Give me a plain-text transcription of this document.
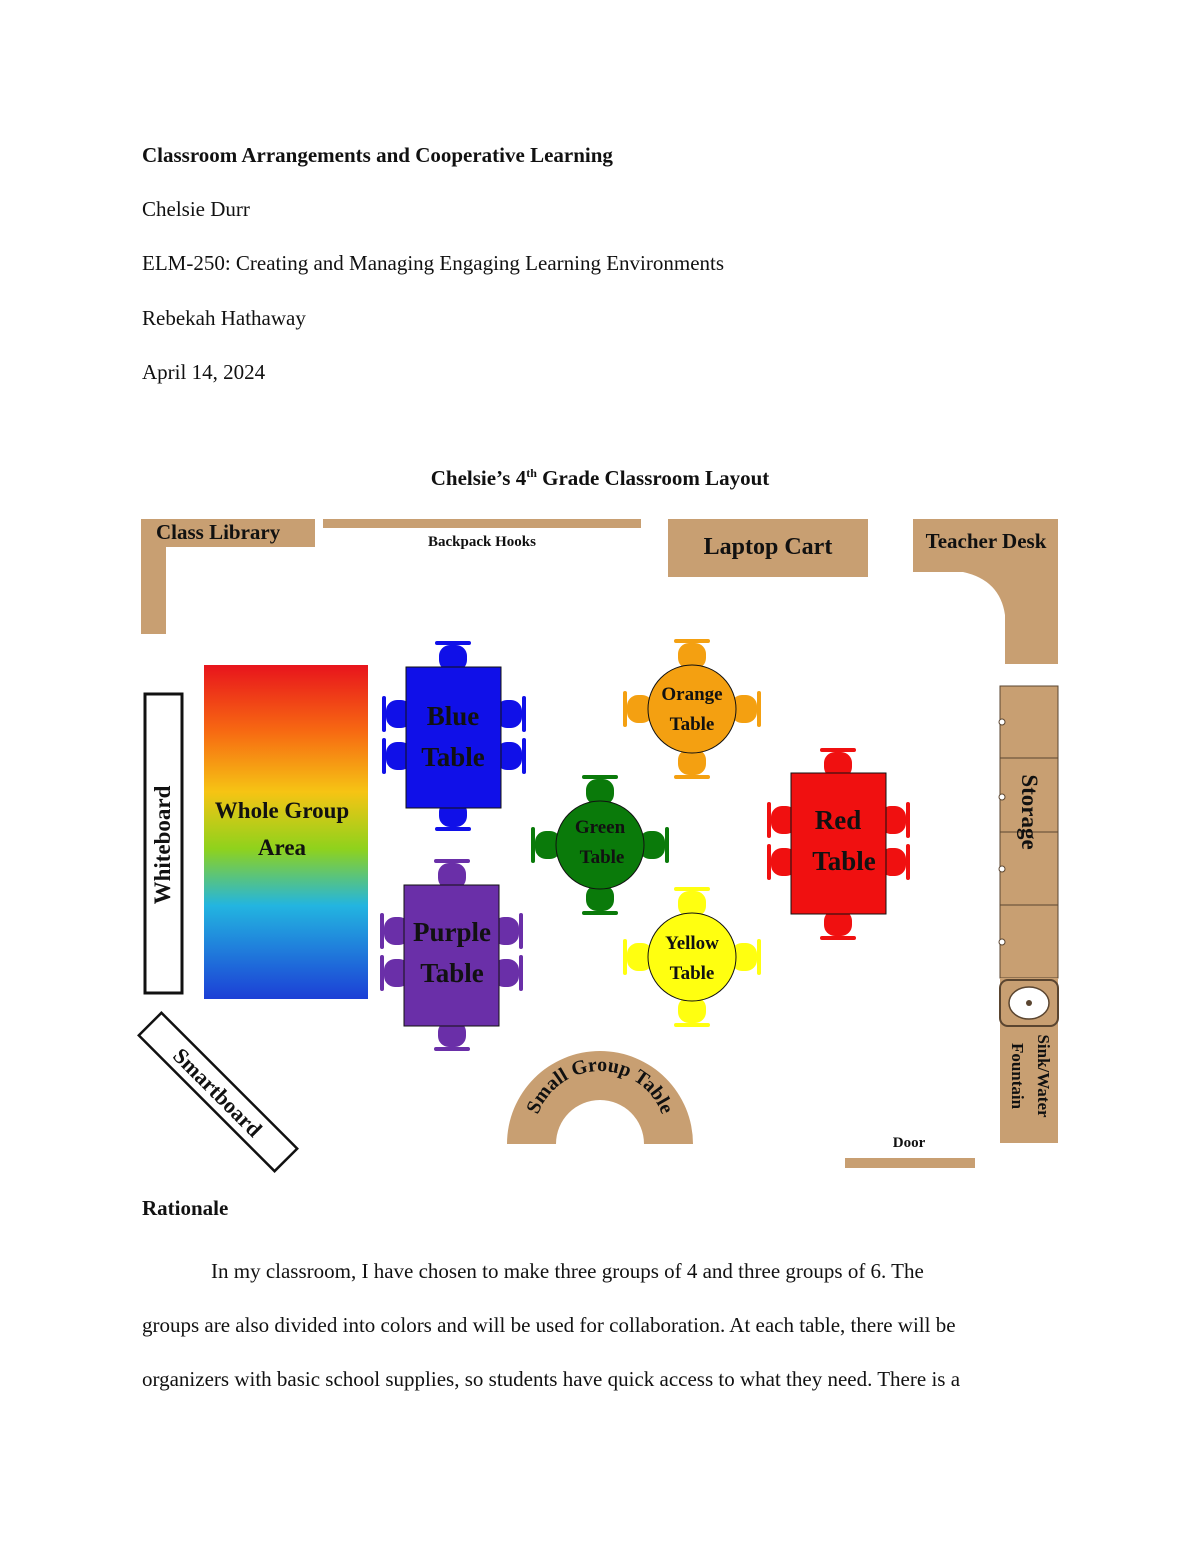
Classroom Arrangements and Cooperative Learning
Chelsie Durr
ELM-250: Creating and Managing Engaging Learning Environments
Rebekah Hathaway
April 14, 2024
Chelsie’s 4th Grade Classroom Layout
Class Library	Backpack Hooks	Laptop Cart	Teacher Desk
Whiteboard Whole Group
Area
Blue
Table
Purple
Table
Green
Table
Orange
Table
Yellow
Table
Red
Table
Storage
Sink/Water
Fountain
Smartboard	Small Group Table
Door
Rationale
In my classroom, I have chosen to make three groups of 4 and three groups of 6. The
groups are also divided into colors and will be used for collaboration. At each table, there will be
organizers with basic school supplies, so students have quick access to what they need. There is a
